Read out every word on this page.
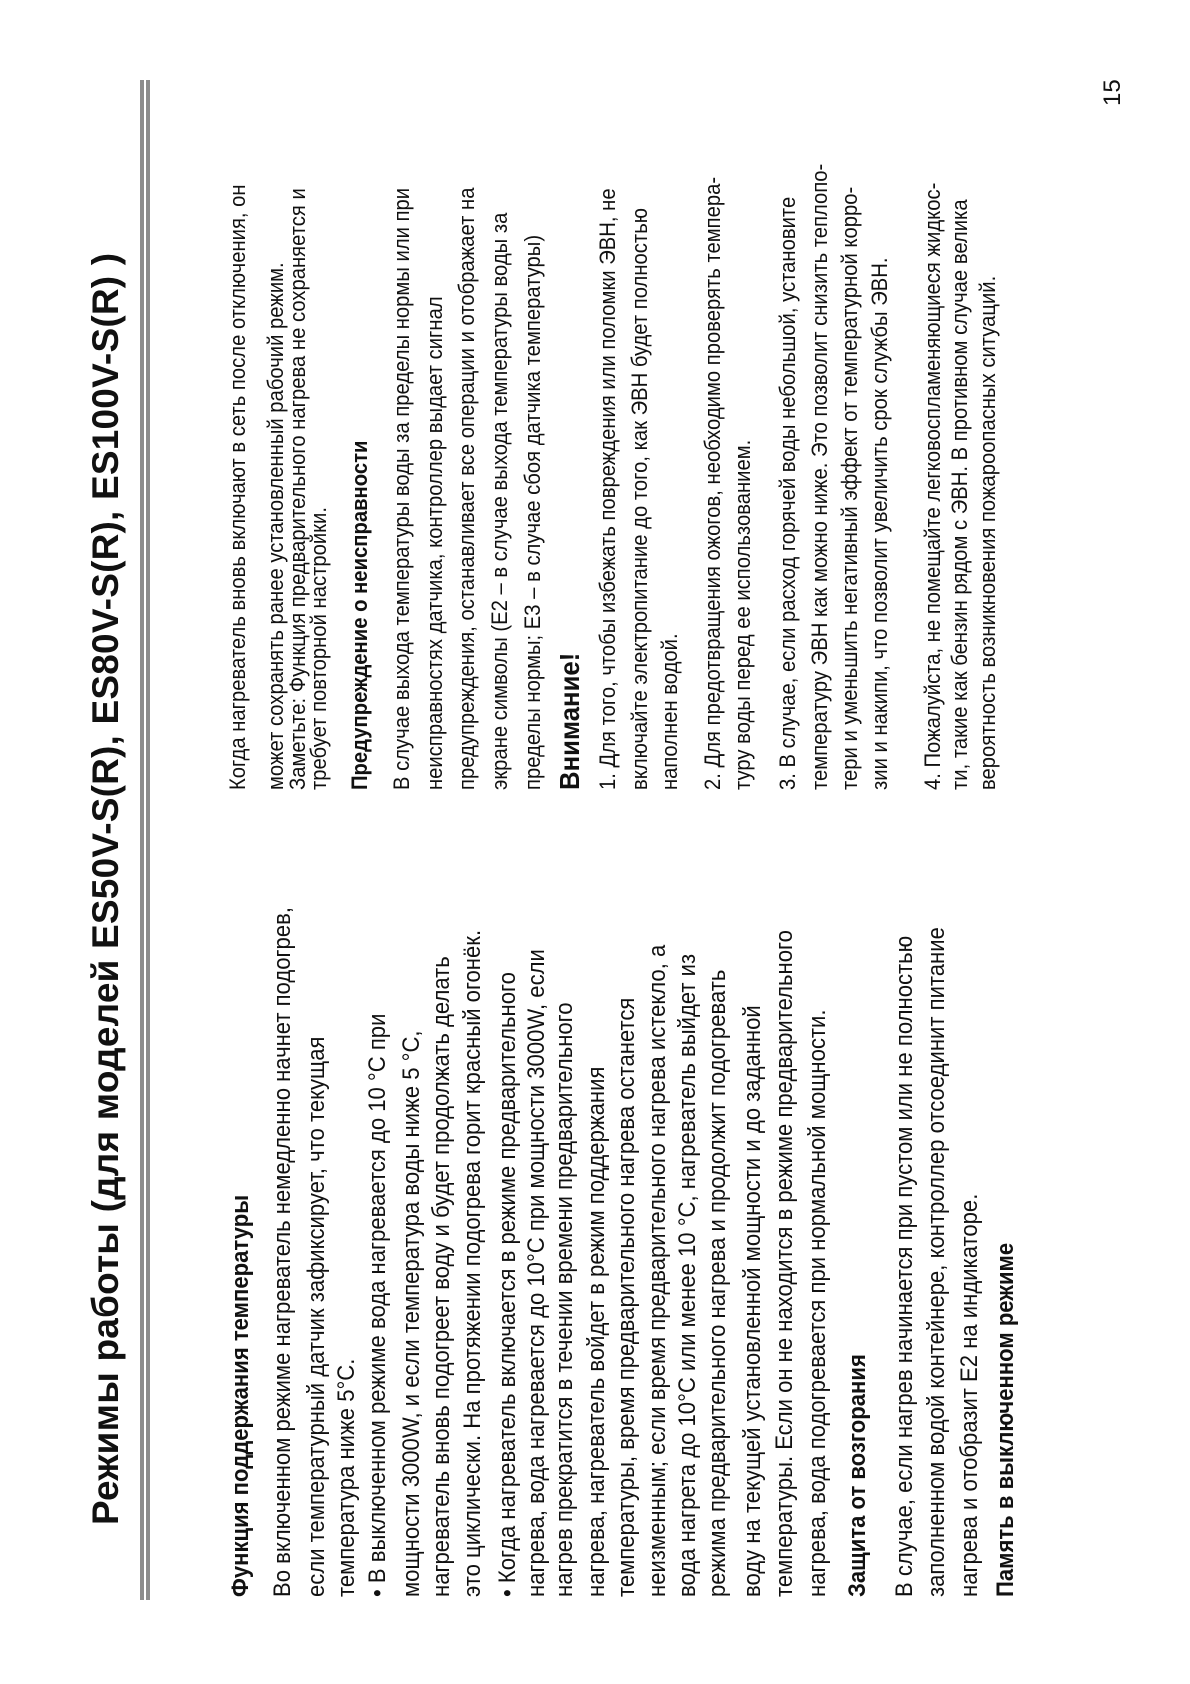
Режимы работы (для моделей ES50V-S(R), ES80V-S(R), ES100V-S(R) )	Функция поддержания температуры Во включенном режиме нагреватель немедленно начнет подогрев, если температурный датчик зафиксирует, что текущая температура ниже 5°С. • В выключенном режиме вода нагревается до 10 °С при мощности 3000W, и если температура воды ниже 5 °С, нагреватель вновь подогреет воду и будет продолжать делать это циклически. На протяжении подогрева горит красный огонёк. • Когда нагреватель включается в режиме предварительного нагрева, вода нагревается до 10°С при мощности 3000W, если нагрев прекратится в течении времени предварительного нагрева, нагреватель войдет в режим поддержания температуры, время предварительного нагрева останется неизменным; если время предварительного нагрева истекло, а вода нагрета до 10°С или менее 10 °С, нагреватель выйдет из режима предварительного нагрева и продолжит подогревать воду на текущей установленной мощности и до заданной температуры. Если он не находится в режиме предварительного нагрева, вода подогревается при нормальной мощности. Защита от возгорания В случае, если нагрев начинается при пустом или не полностью заполненном водой контейнере, контроллер отсоединит питание нагрева и отобразит E2 на индикаторе. Память в выключенном режиме
Когда нагреватель вновь включают в сеть после отключения, он может сохранять ранее установленный рабочий режим.
Заметьте: Функция предварительного нагрева не сохраняется и
требует повторной настройки. Предупреждение о неисправности В случае выхода температуры воды за пределы нормы или при неисправностях датчика, контроллер выдает сигнал предупреждения, останавливает все операции и отображает на экране символы (E2 – в случае выхода температуры воды за пределы нормы; E3 – в случае сбоя датчика температуры) Внимание! 1. Для того, чтобы избежать повреждения или поломки ЭВН, не включайте электропитание до того, как ЭВН будет полностью наполнен водой. 2. Для предотвращения ожогов, необходимо проверять темпера- туру воды перед ее использованием. 3. В случае, если расход горячей воды небольшой, установите температуру ЭВН как можно ниже. Это позволит снизить теплопо- тери и уменьшить негативный эффект от температурной корро- зии и накипи, что позволит увеличить срок службы ЭВН. 4. Пожалуйста, не помещайте легковоспламеняющиеся жидкос- ти, такие как бензин рядом с ЭВН. В противном случае велика вероятность возникновения пожароопасных ситуаций.
15
